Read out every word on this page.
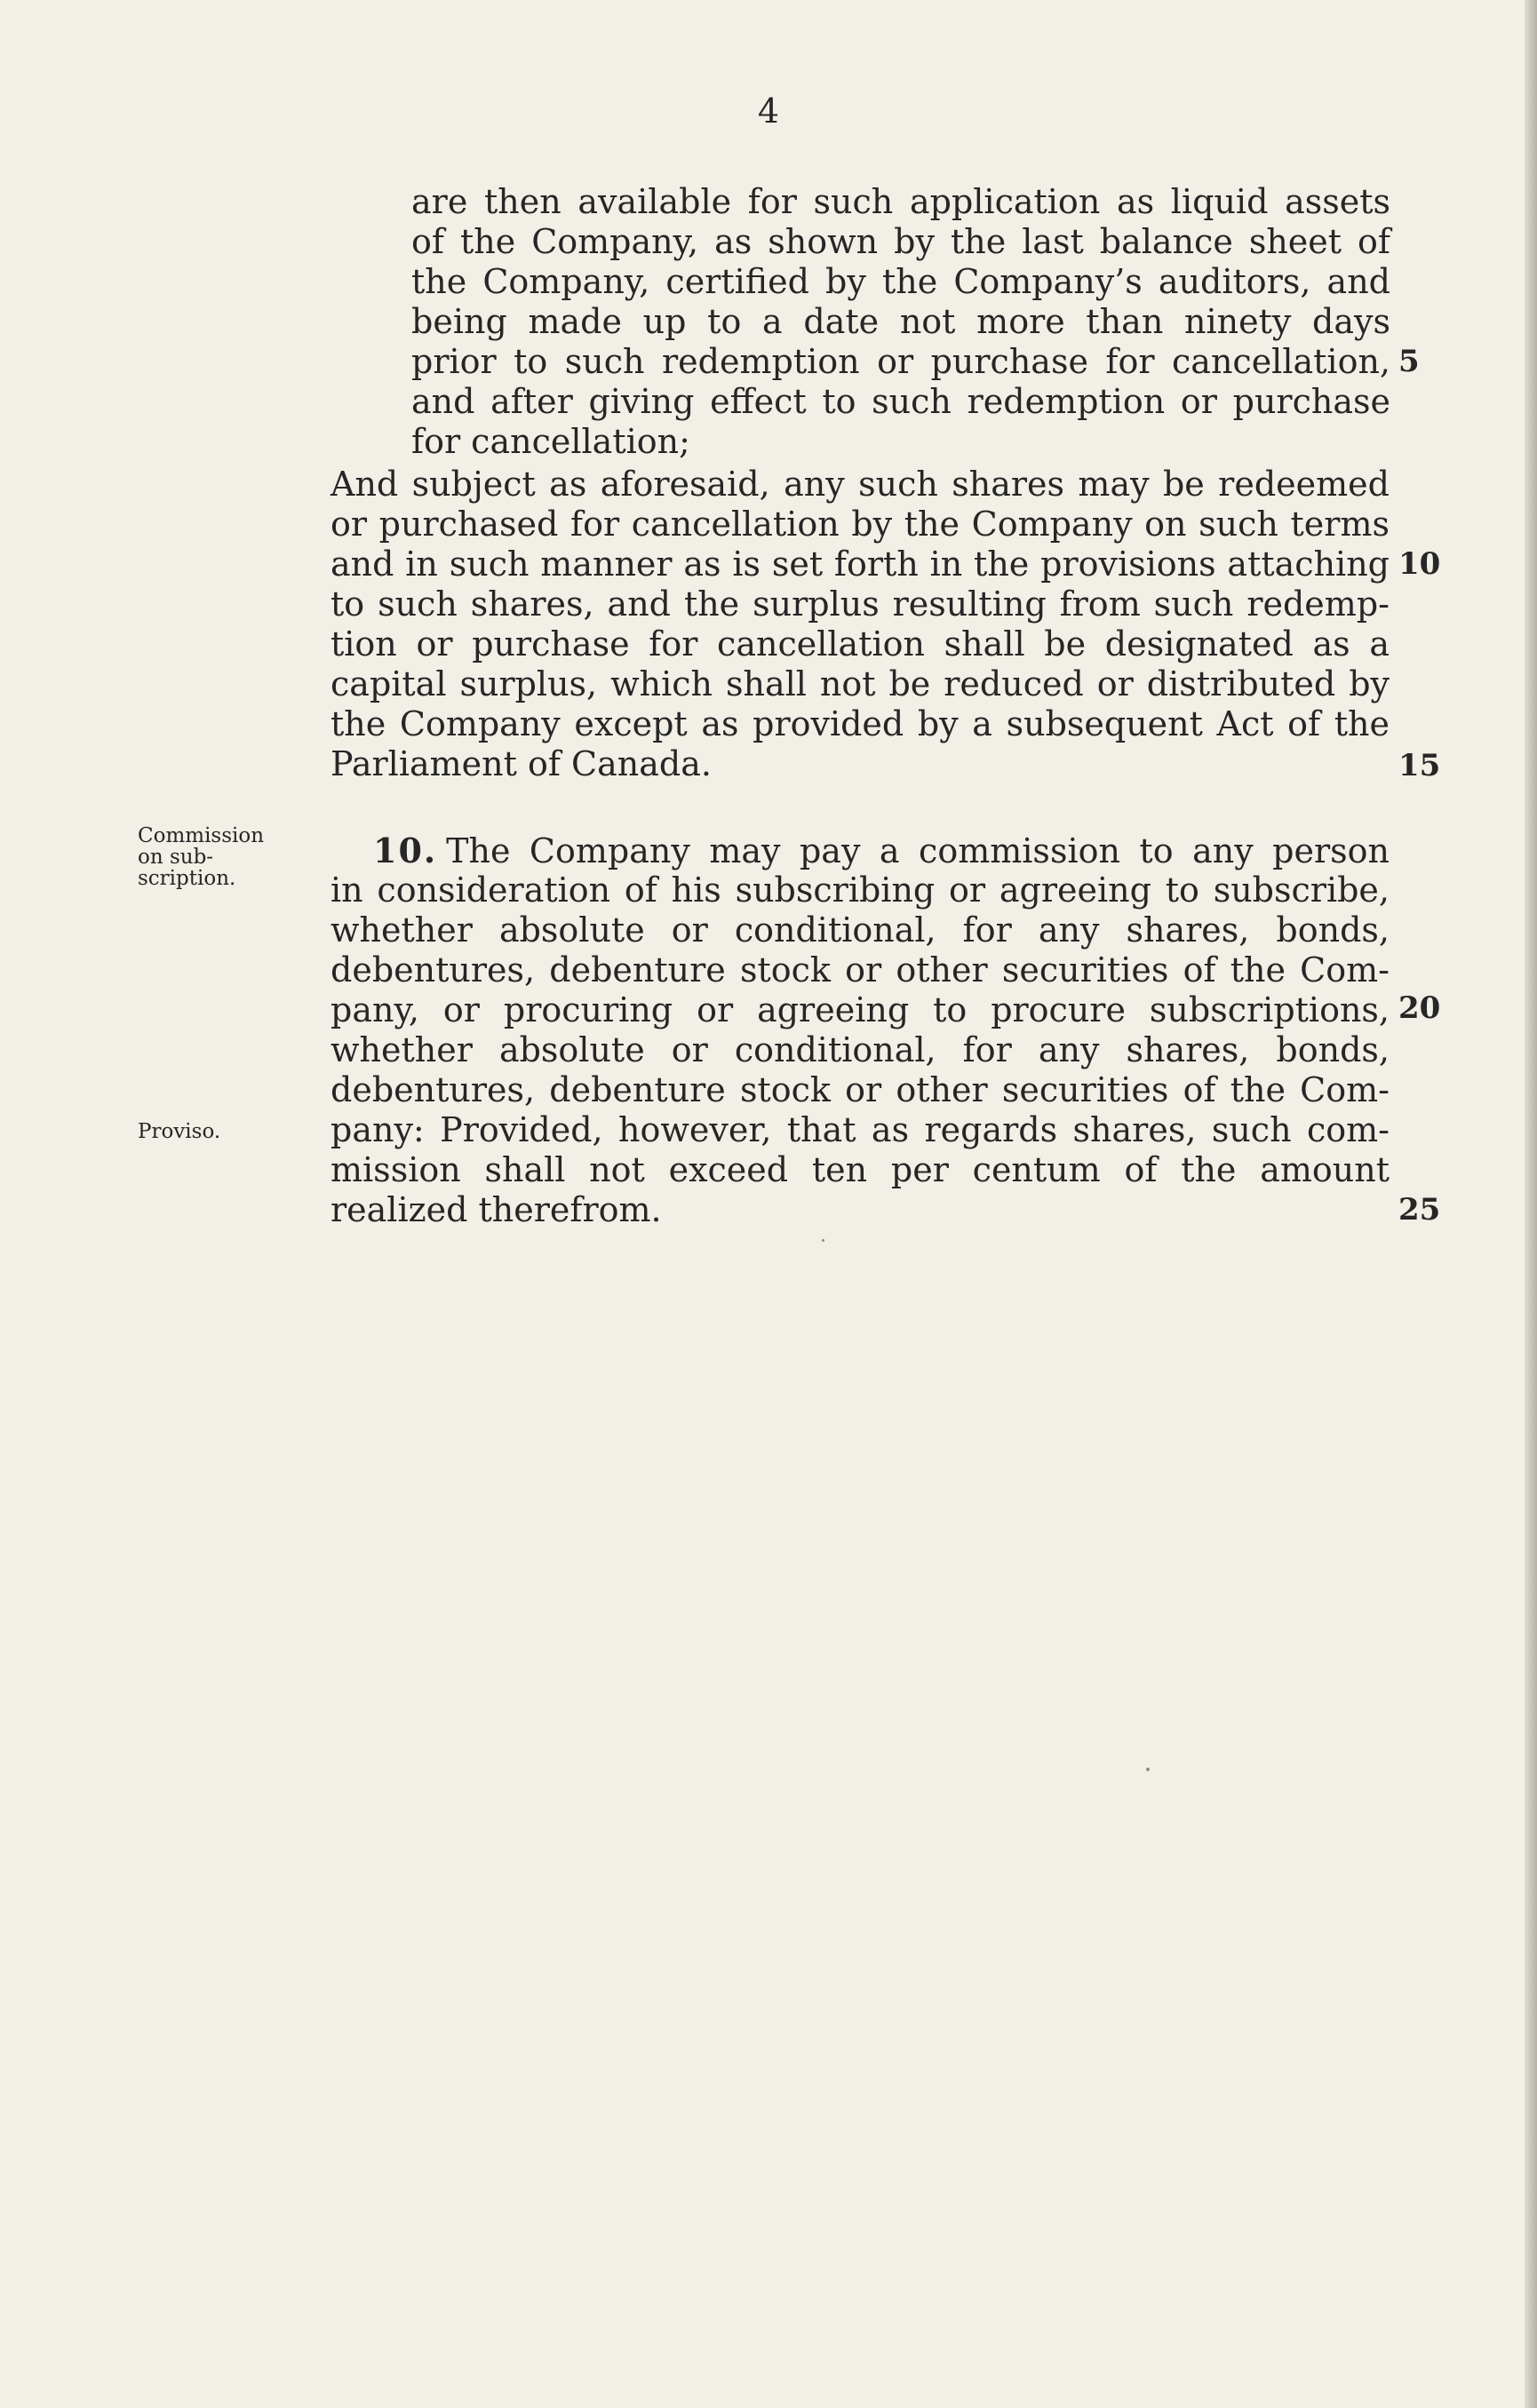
4
are then available for such application as liquid assets
of the Company, as shown by the last balance sheet of
the Company, certified by the Company’s auditors, and
being made up to a date not more than ninety days
prior to such redemption or purchase for cancellation,
and after giving effect to such redemption or purchase
for cancellation;
And subject as aforesaid, any such shares may be redeemed
or purchased for cancellation by the Company on such terms
and in such manner as is set forth in the provisions attaching
to such shares, and the surplus resulting from such redemp-
tion or purchase for cancellation shall be designated as a
capital surplus, which shall not be reduced or distributed by
the Company except as provided by a subsequent Act of the
Parliament of Canada.
10. The Company may pay a commission to any person
in consideration of his subscribing or agreeing to subscribe,
whether absolute or conditional, for any shares, bonds,
debentures, debenture stock or other securities of the Com-
pany, or procuring or agreeing to procure subscriptions,
whether absolute or conditional, for any shares, bonds,
debentures, debenture stock or other securities of the Com-
pany: Provided, however, that as regards shares, such com-
mission shall not exceed ten per centum of the amount
realized therefrom.
Commission
on sub-
scription.
Proviso.
5
10
15
20
25
